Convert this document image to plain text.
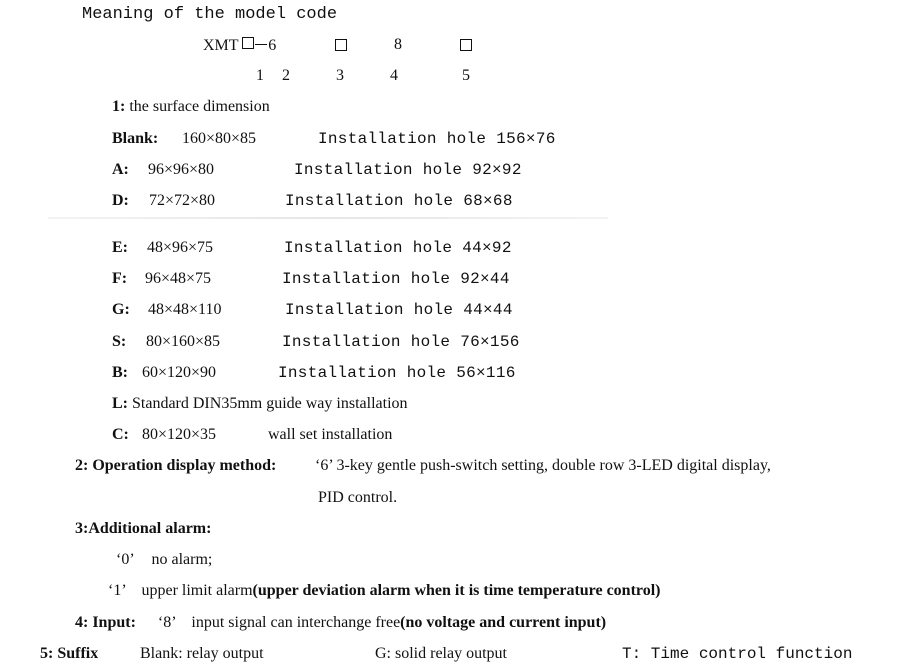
Meaning of the model code
XMT 6	8
1 2	3	4	5
1: the surface dimension
Blank: 160×80×85	Installation hole 156×76
A: 96×96×80	Installation hole 92×92
D: 72×72×80	Installation hole 68×68
E: 48×96×75	Installation hole 44×92
F: 96×48×75	Installation hole 92×44
G: 48×48×110	Installation hole 44×44
S: 80×160×85	Installation hole 76×156
B: 60×120×90	Installation hole 56×116
L: Standard DIN35mm guide way installation
C: 80×120×35	wall set installation
2: Operation display method: ‘6’ 3-key gentle push-switch setting, double row 3-LED digital display,
PID control.
3:Additional alarm:
‘0’ no alarm;
‘1’ upper limit alarm(upper deviation alarm when it is time temperature control)
4: Input: ‘8’ input signal can interchange free(no voltage and current input)
5: Suffix	Blank: relay output	G: solid relay output	T: Time control function
